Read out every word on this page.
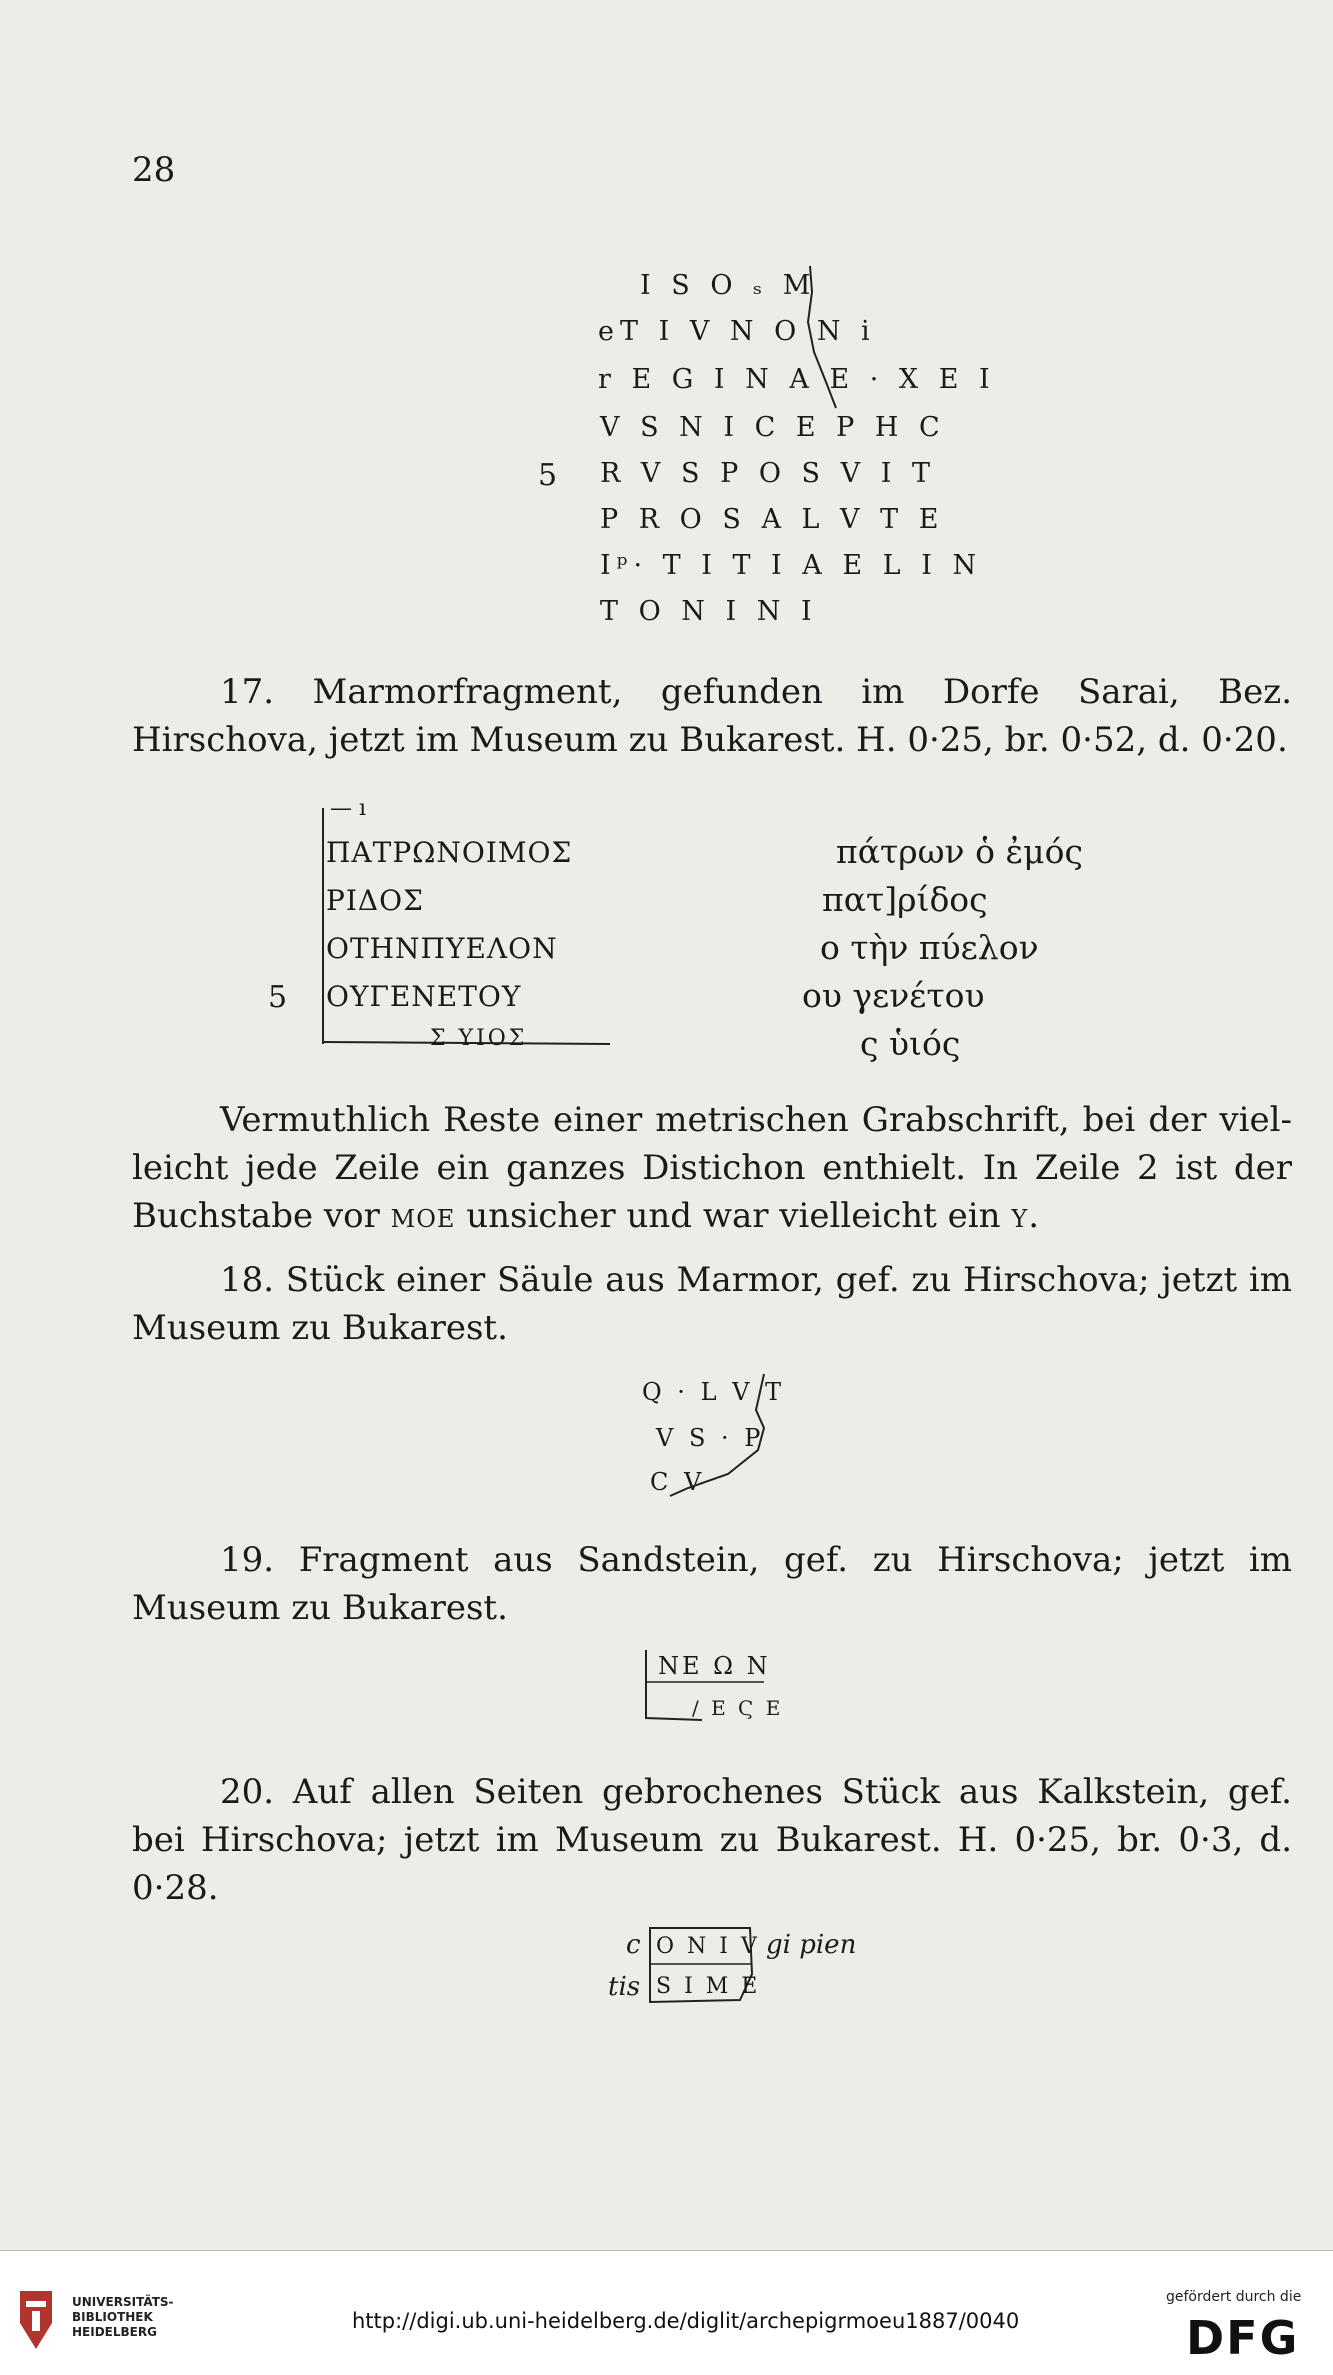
28
I S O ₛ M
eT I V N O N i
r E G I N A E · X E I
V S N I C E P H C
R V S P O S V I T
P R O S A L V T E
Ⅰᵖ· T I T I A E L I N
T O N I N I
5
17. Marmorfragment, gefunden im Dorfe Sarai, Bez. Hirschova, jetzt im Museum zu Bukarest. H. 0·25, br. 0·52, d. 0·20.
— ı
ΠΑΤΡΩΝΟΙΜΟΣ
ΡΙΔΟΣ
ΟΤΗΝΠΥΕΛΟΝ
ΟΥΓΕΝΕΤΟΥ
Σ ΥΙΟΣ
5
πάτρων ὁ ἐμός
πατ]ρίδος
ο τὴν πύελον
ου γενέτου
ς ὑιός
Vermuthlich Reste einer metrischen Grabschrift, bei der vielleicht jede Zeile ein ganzes Distichon enthielt. In Zeile 2 ist der Buchstabe vor μοε unsicher und war vielleicht ein υ.
18. Stück einer Säule aus Marmor, gef. zu Hirschova; jetzt im Museum zu Bukarest.
Q · L V T
V S · P
C V
19. Fragment aus Sandstein, gef. zu Hirschova; jetzt im Museum zu Bukarest.
ΝΕ Ω Ν
/ Ε Ϛ Ε
20. Auf allen Seiten gebrochenes Stück aus Kalkstein, gef. bei Hirschova; jetzt im Museum zu Bukarest. H. 0·25, br. 0·3, d. 0·28.
c O N I V gi pien
tis S I M E
UNIVERSITÄTS-
BIBLIOTHEK
HEIDELBERG	http://digi.ub.uni-heidelberg.de/diglit/archepigrmoeu1887/0040
gefördert durch die
DFG
